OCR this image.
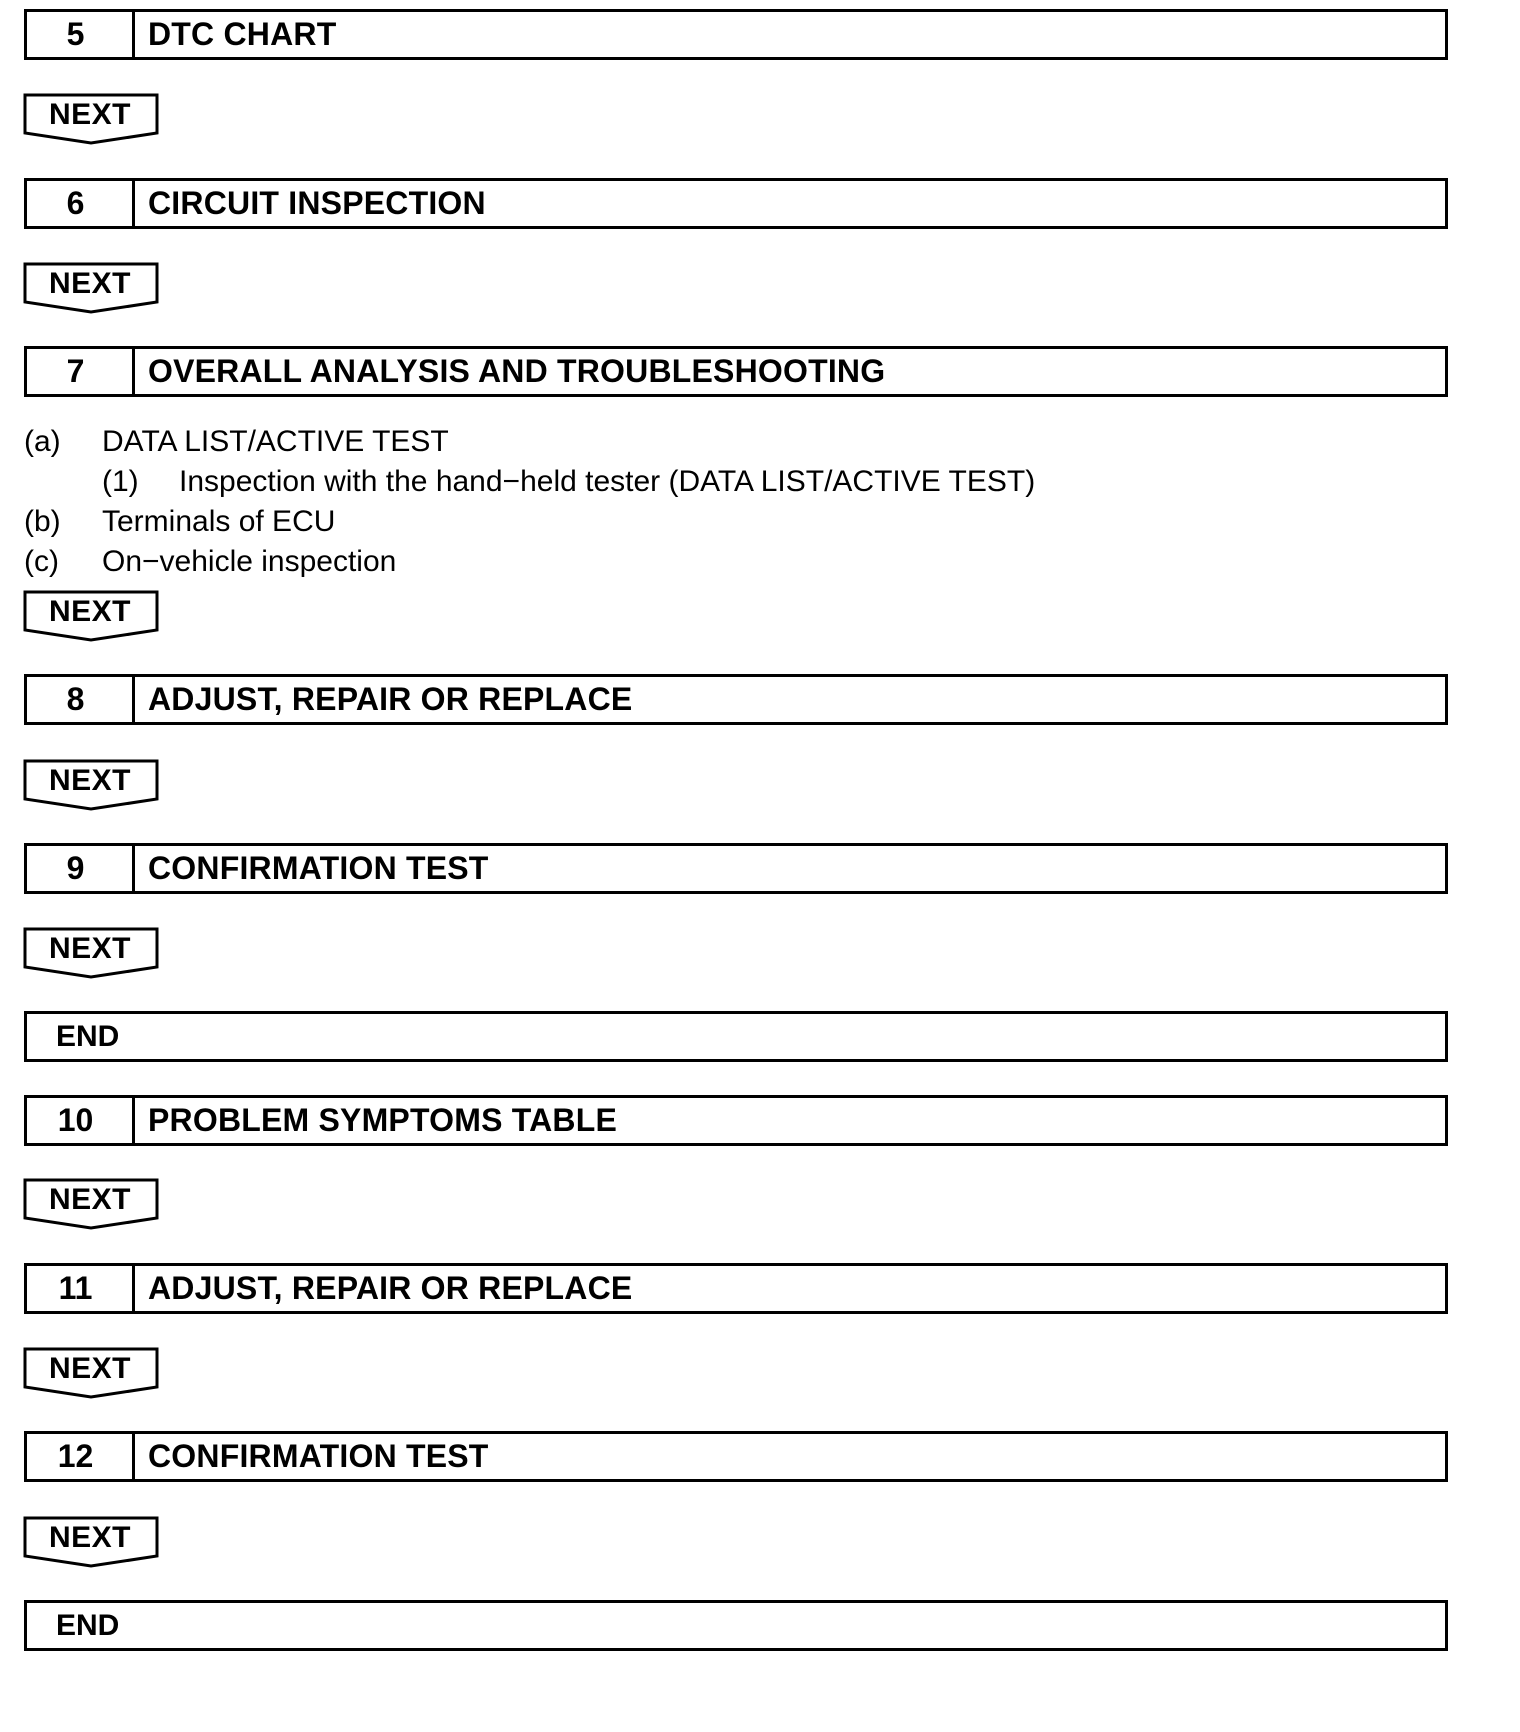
5	DTC CHART
NEXT
6	CIRCUIT INSPECTION
NEXT
7	OVERALL ANALYSIS AND TROUBLESHOOTING
(a) DATA LIST/ACTIVE TEST
(1) Inspection with the hand−held tester (DATA LIST/ACTIVE TEST)
(b) Terminals of ECU
(c) On−vehicle inspection
NEXT
8	ADJUST, REPAIR OR REPLACE
NEXT
9	CONFIRMATION TEST
NEXT
END
10	PROBLEM SYMPTOMS TABLE
NEXT
11	ADJUST, REPAIR OR REPLACE
NEXT
12	CONFIRMATION TEST
NEXT
END
